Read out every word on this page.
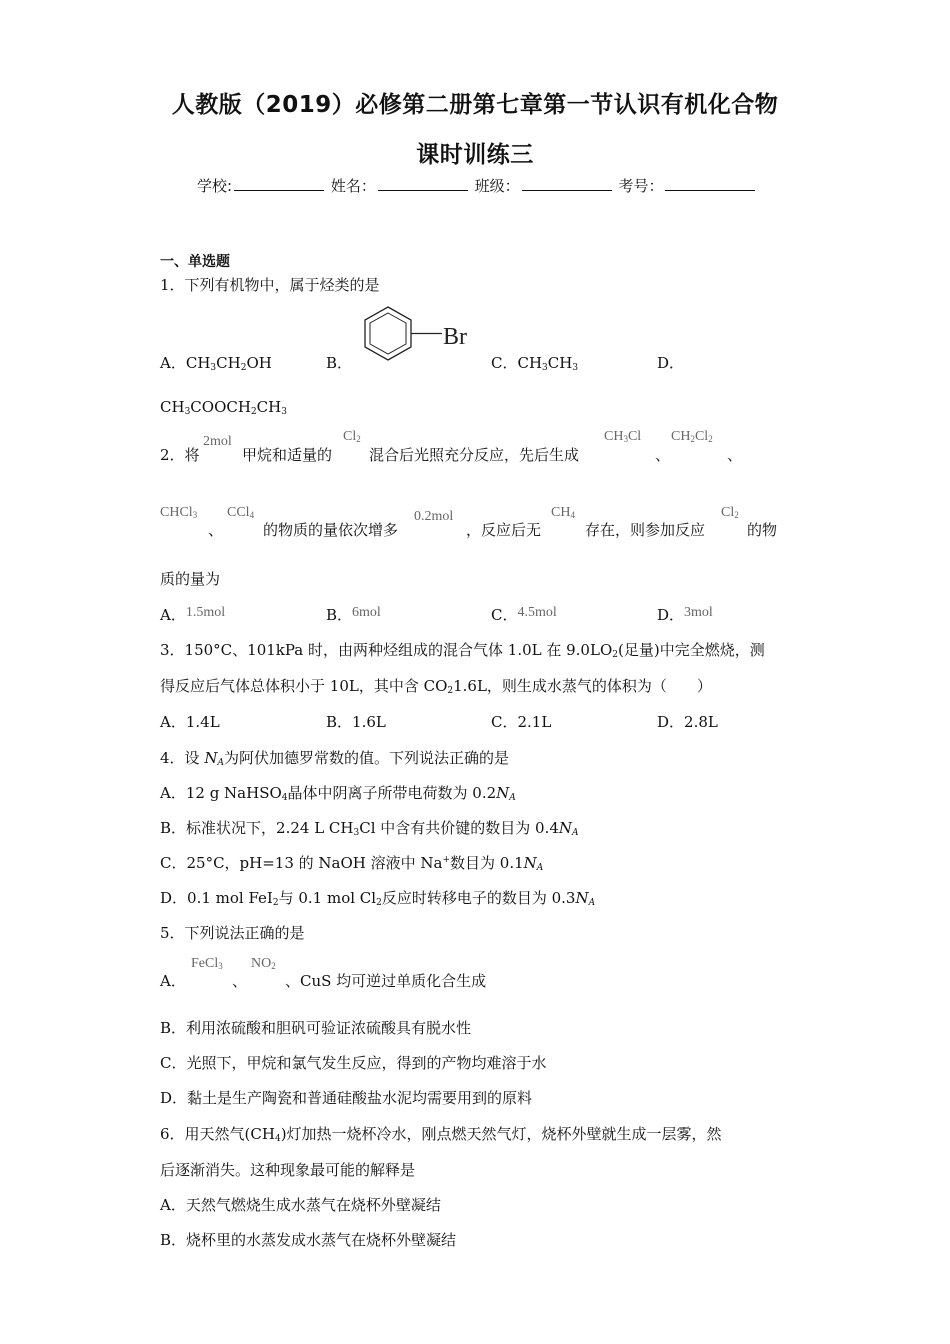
人教版（2019）必修第二册第七章第一节认识有机化合物
课时训练三
学校:	姓名：	班级：	考号：
一、单选题
1．下列有机物中，属于烃类的是
A．$CH_3CH_2OH$	B．
Br
C．$CH_3CH_3$	D．
$CH_3COOCH_2CH_3$
2．将
2mol
甲烷和适量的
$Cl_2$
混合后光照充分反应，先后生成
$CH_3Cl$
、
$CH_2Cl_2$
、
CHCl$_3$
、
CCl$_4$
的物质的量依次增多
0.2mol
，反应后无
$CH_4$
存在，则参加反应
$Cl_2$
的物
质的量为
A．1.5mol	B．6mol	C．4.5mol	D．3mol
3．150°C、101kPa 时，由两种烃组成的混合气体 1.0L 在 $9.0LO_2$(足量)中完全燃烧，测
得反应后气体总体积小于 10L，其中含 $CO_21.6L$，则生成水蒸气的体积为（　　）
A．1.4L	B．1.6L	C．2.1L	D．2.8L
4．设 $N_A$为阿伏加德罗常数的值。下列说法正确的是
A．12 g NaHSO$_4$晶体中阴离子所带电荷数为 $0.2N_A$
B．标准状况下，2.24 L $CH_3Cl$ 中含有共价键的数目为 $0.4N_A$
C．25°C，pH=13 的 NaOH 溶液中 Na+数目为 $0.1N_A$
D．0.1 mol FeI$_2$与 0.1 mol $Cl_2$反应时转移电子的数目为 $0.3N_A$
5．下列说法正确的是
A．
FeCl$_3$
、
$NO_2$
、CuS 均可逆过单质化合生成
B．利用浓硫酸和胆矾可验证浓硫酸具有脱水性
C．光照下，甲烷和氯气发生反应，得到的产物均难溶于水
D．黏土是生产陶瓷和普通硅酸盐水泥均需要用到的原料
6．用天然气$(CH_4)$灯加热一烧杯冷水，刚点燃天然气灯，烧杯外壁就生成一层雾，然
后逐渐消失。这种现象最可能的解释是
A．天然气燃烧生成水蒸气在烧杯外壁凝结
B．烧杯里的水蒸发成水蒸气在烧杯外壁凝结
